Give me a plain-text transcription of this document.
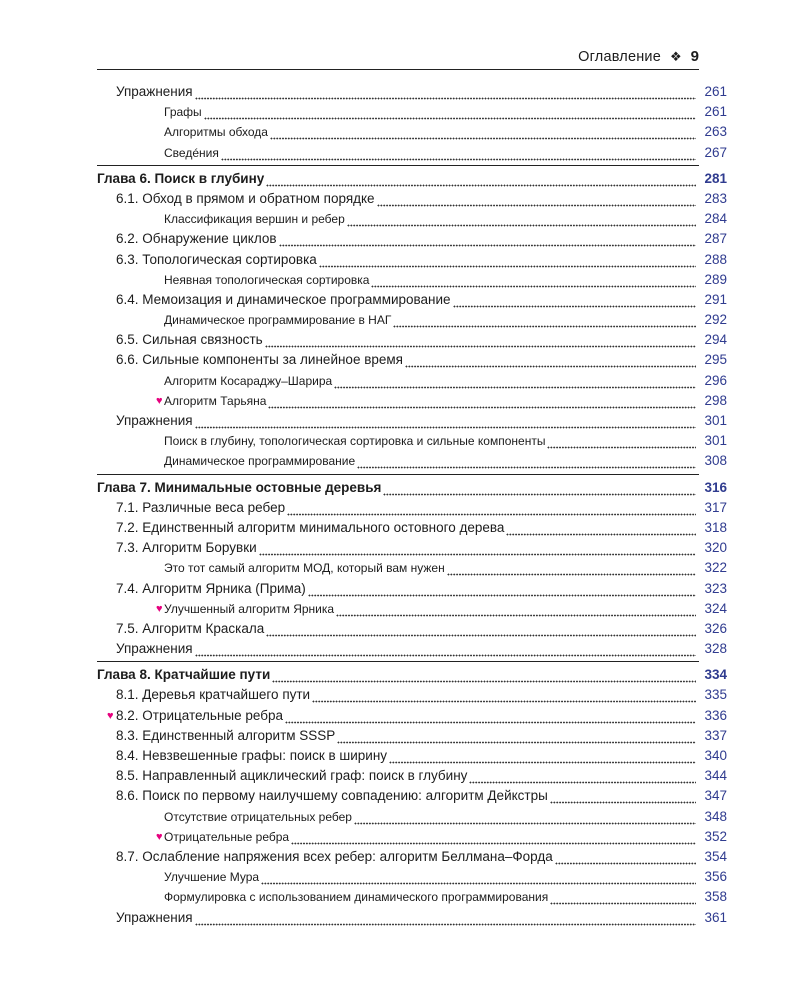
Оглавление ❖ 9
Упражнения	261
Графы	261
Алгоритмы обхода	263
Сведéния	267
Глава 6. Поиск в глубину	281
6.1. Обход в прямом и обратном порядке	283
Классификация вершин и ребер	284
6.2. Обнаружение циклов	287
6.3. Топологическая сортировка	288
Неявная топологическая сортировка	289
6.4. Мемоизация и динамическое программирование	291
Динамическое программирование в НАГ	292
6.5. Сильная связность	294
6.6. Сильные компоненты за линейное время	295
Алгоритм Косараджу–Шарира	296
♥ Алгоритм Тарьяна	298
Упражнения	301
Поиск в глубину, топологическая сортировка и сильные компоненты	301
Динамическое программирование	308
Глава 7. Минимальные остовные деревья	316
7.1. Различные веса ребер	317
7.2. Единственный алгоритм минимального остовного дерева	318
7.3. Алгоритм Борувки	320
Это тот самый алгоритм МОД, который вам нужен	322
7.4. Алгоритм Ярника (Прима)	323
♥ Улучшенный алгоритм Ярника	324
7.5. Алгоритм Краскала	326
Упражнения	328
Глава 8. Кратчайшие пути	334
8.1. Деревья кратчайшего пути	335
♥ 8.2. Отрицательные ребра	336
8.3. Единственный алгоритм SSSP	337
8.4. Невзвешенные графы: поиск в ширину	340
8.5. Направленный ациклический граф: поиск в глубину	344
8.6. Поиск по первому наилучшему совпадению: алгоритм Дейкстры	347
Отсутствие отрицательных ребер	348
♥ Отрицательные ребра	352
8.7. Ослабление напряжения всех ребер: алгоритм Беллмана–Форда	354
Улучшение Мура	356
Формулировка с использованием динамического программирования	358
Упражнения	361
